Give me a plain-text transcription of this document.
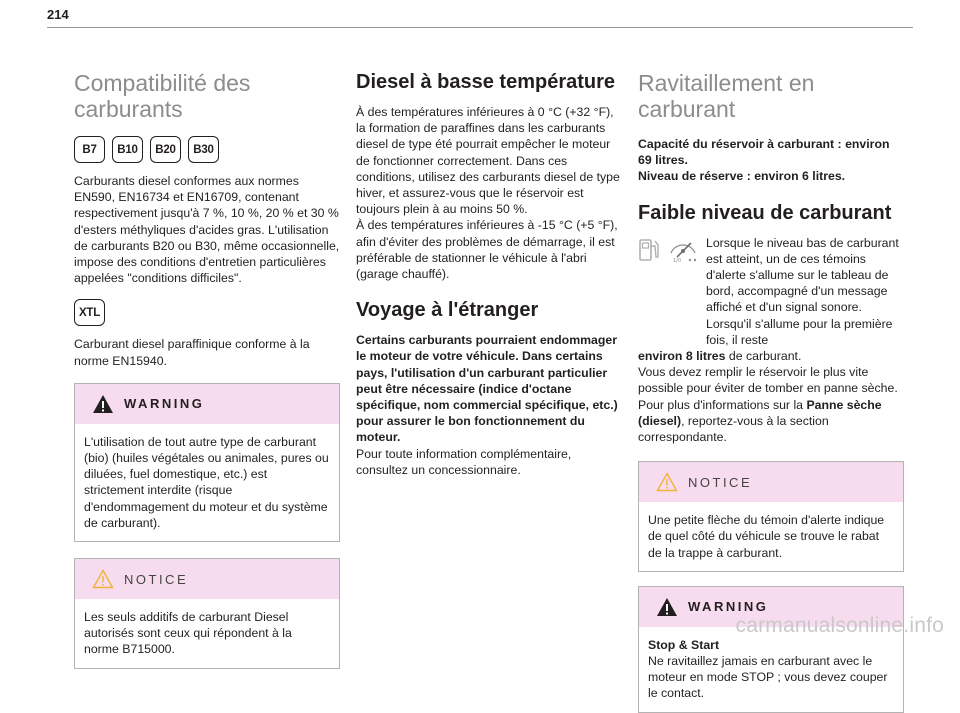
214
Compatibilité des carburants
B7	B10	B20	B30

Carburants diesel conformes aux normes EN590, EN16734 et EN16709, contenant respectivement jusqu'à 7 %, 10 %, 20 % et 30 % d'esters méthyliques d'acides gras. L'utilisation de carburants B20 ou B30, même occasionnelle, impose des conditions d'entretien particulières appelées "conditions difficiles".

XTL

Carburant diesel paraffinique conforme à la norme EN15940.

WARNING
L'utilisation de tout autre type de carburant (bio) (huiles végétales ou animales, pures ou diluées, fuel domestique, etc.) est strictement interdite (risque d'endommagement du moteur et du système de carburant).
NOTICE
Les seuls additifs de carburant Diesel autorisés sont ceux qui répondent à la norme B715000.
Diesel à basse température

À des températures inférieures à 0 °C (+32 °F), la formation de paraffines dans les carburants diesel de type été pourrait empêcher le moteur de fonctionner correctement. Dans ces conditions, utilisez des carburants diesel de type hiver, et assurez-vous que le réservoir est toujours plein à au moins 50 %.

À des températures inférieures à -15 °C (+5 °F), afin d'éviter des problèmes de démarrage, il est préférable de stationner le véhicule à l'abri (garage chauffé).

Voyage à l'étranger

Certains carburants pourraient endommager le moteur de votre véhicule. Dans certains pays, l'utilisation d'un carburant particulier peut être nécessaire (indice d'octane spécifique, nom commercial spécifique, etc.) pour assurer le bon fonctionnement du moteur.

Pour toute information complémentaire, consultez un concessionnaire.

Ravitaillement en carburant

Capacité du réservoir à carburant : environ 69 litres.

Niveau de réserve : environ 6 litres.

Faible niveau de carburant
1/0

Lorsque le niveau bas de carburant est atteint, un de ces témoins d'alerte s'allume sur le tableau de bord, accompagné d'un message affiché et d'un signal sonore. Lorsqu'il s'allume pour la première fois, il reste

environ 8 litres de carburant.

Vous devez remplir le réservoir le plus vite possible pour éviter de tomber en panne sèche.

Pour plus d'informations sur la Panne sèche (diesel), reportez-vous à la section correspondante.

NOTICE
Une petite flèche du témoin d'alerte indique de quel côté du véhicule se trouve le rabat de la trappe à carburant.
WARNING

Stop & Start

Ne ravitaillez jamais en carburant avec le moteur en mode STOP ; vous devez couper le contact.

carmanualsonline.info
